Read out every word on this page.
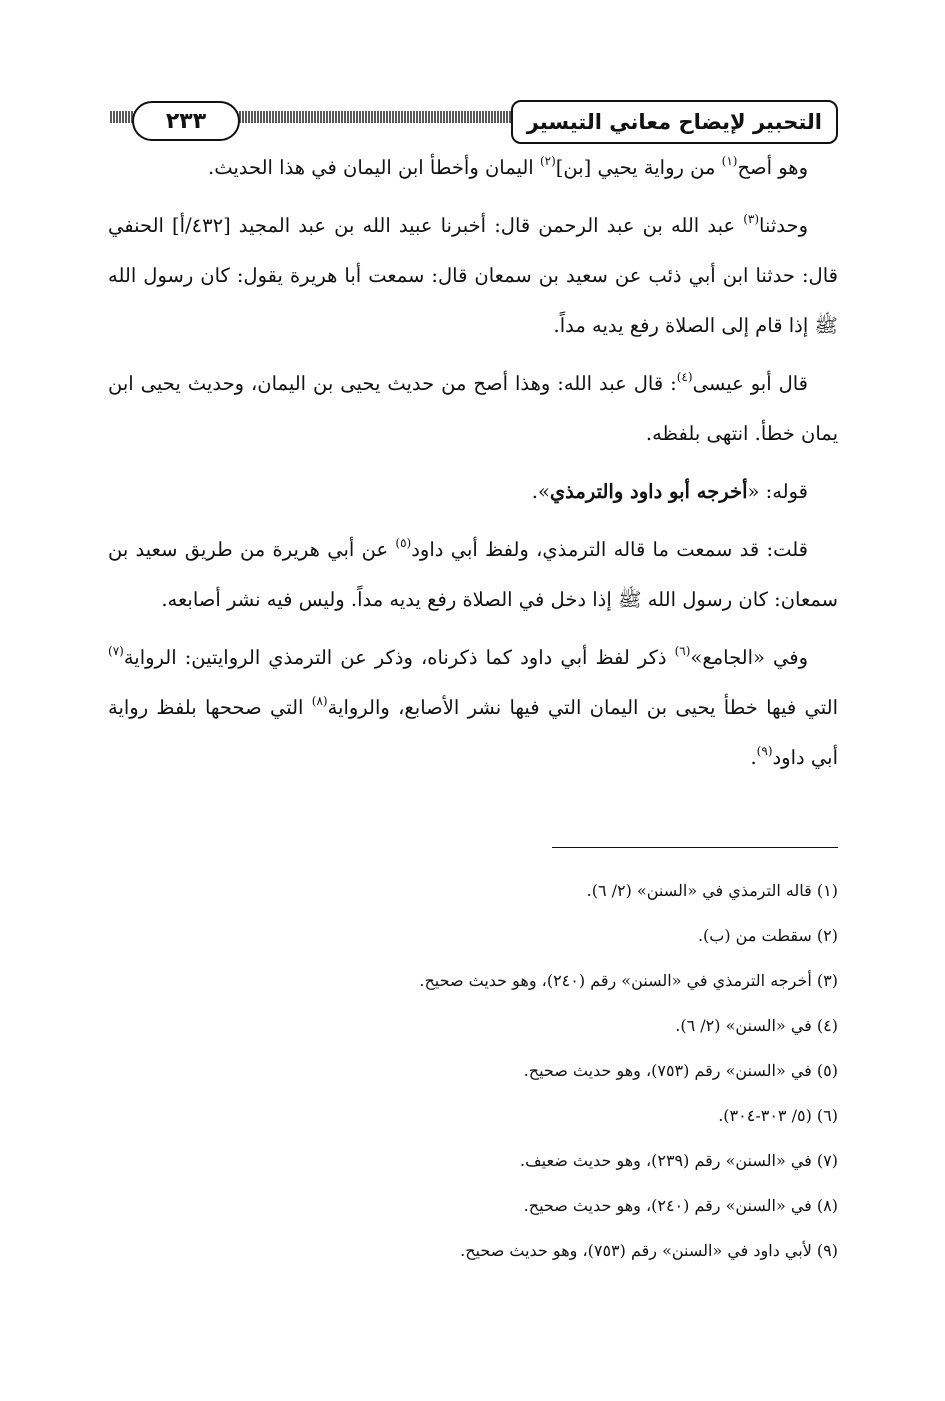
التحبير لإيضاح معاني التيسير
٢٣٣

وهو أصح$^{(١)}$ من رواية يحيي [بن]$^{(٢)}$ اليمان وأخطأ ابن اليمان في هذا الحديث.

وحدثنا$^{(٣)}$ عبد الله بن عبد الرحمن قال: أخبرنا عبيد الله بن عبد المجيد [٤٣٢/أ] الحنفي قال: حدثنا ابن أبي ذئب عن سعيد بن سمعان قال: سمعت أبا هريرة يقول: كان رسول الله ﷺ إذا قام إلى الصلاة رفع يديه مداً.

قال أبو عيسى$^{(٤)}$: قال عبد الله: وهذا أصح من حديث يحيى بن اليمان، وحديث يحيى ابن يمان خطأ. انتهى بلفظه.

قوله: «أخرجه أبو داود والترمذي».

قلت: قد سمعت ما قاله الترمذي، ولفظ أبي داود$^{(٥)}$ عن أبي هريرة من طريق سعيد بن سمعان: كان رسول الله ﷺ إذا دخل في الصلاة رفع يديه مداً. وليس فيه نشر أصابعه.

وفي «الجامع»$^{(٦)}$ ذكر لفظ أبي داود كما ذكرناه، وذكر عن الترمذي الروايتين: الرواية$^{(٧)}$ التي فيها خطأ يحيى بن اليمان التي فيها نشر الأصابع، والرواية$^{(٨)}$ التي صححها بلفظ رواية أبي داود$^{(٩)}$.

(١) قاله الترمذي في «السنن» (٢/ ٦).
(٢) سقطت من (ب).
(٣) أخرجه الترمذي في «السنن» رقم (٢٤٠)، وهو حديث صحيح.
(٤) في «السنن» (٢/ ٦).
(٥) في «السنن» رقم (٧٥٣)، وهو حديث صحيح.
(٦) (٥/ ٣٠٣-٣٠٤).
(٧) في «السنن» رقم (٢٣٩)، وهو حديث ضعيف.
(٨) في «السنن» رقم (٢٤٠)، وهو حديث صحيح.
(٩) لأبي داود في «السنن» رقم (٧٥٣)، وهو حديث صحيح.
